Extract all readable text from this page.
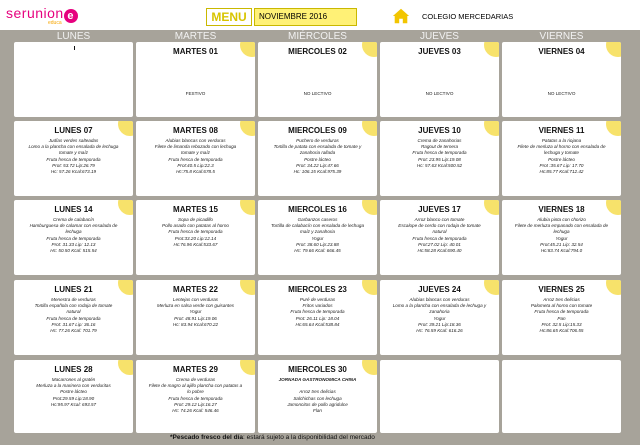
serunion e
educa	MENU	NOVIEMBRE 2016	COLEGIO MERCEDARIAS
LUNES	MARTES	MIÉRCOLES	JUEVES	VIERNES
MARTES 01
FESTIVO
MIERCOLES 02
NO LECTIVO
JUEVES 03
NO LECTIVO
VIERNES 04
NO LECTIVO
LUNES 07
Judías verdes salteadas
Lomo a la plancha con ensalada de lechuga
tomate y maíz
Fruta fresca de temporada
Prot: 53.72 Lip:26.79
Hc: 57.26 Kcal:673.19
MARTES 08
Alubias blancas con verduras
Filete de limanda rebozado con lechuga
tomate y maíz
Fruta fresca de temporada
Prot:40.5 Lip:22.3
Hc:75.8 Kcal:678.5
MIERCOLES 09
Puchero de verduras
Tortilla de patata con ensalada de tomate y
zanahoria rallada
Postre lácteo
Prot: 34.22 Lip:47.66
Hc: 106.15 Kcal:975.39
JUEVES 10
Crema de zanahorias
Ragout de ternera
Fruta fresca de temporada
Prot: 23.95 Lip:19.08
Hc: 57.63 Kcal:500.52
VIERNES 11
Patatas a la riojana
Filete de merluza al horno con ensalada de
lechuga y tomate
Postre lácteo
Prot :35.67 Lip: 17.70
Hc:85.77 Kcal:712.42
LUNES 14
Crema de calabacín
Hamburguesa de calamar con ensalada de
lechuga
Fruta fresca de temporada
Prot: 31.33 Lip: 12.13
Hc: 50.50 Kcal: 515.54
MARTES 15
Sopa de picadillo
Pollo asado con patatas al horno
Fruta fresca de temporada
Prot:33.20 Lip:12.14
Hc:76.96 Kcal:533.67
MIERCOLES 16
Garbanzos caseros
Tortilla de calabacín con ensalada de lechuga
maíz y zanahoria
Yogur
Prot: 38.60 Lip:23.88
Hc: 79.66 Kcal: 666.45
JUEVES 17
Arroz blanco con tomate
Escalope de cerdo con rodaja de tomate
natural
Fruta fresca de temporada
Prot:27.02 Lip: 40.01
Hc:58.28 Kcal:690.40
VIERNES 18
Alubia pinta con chorizo
Filete de merluza empanado con ensalada de
lechuga
Yogur
Prot:45.21 Lip: 32.54
Hc:83.74 Kcal:794.0
LUNES 21
Menestra de verduras
Tortilla española con rodaja de tomate
natural
Fruta fresca de temporada
Prot: 31.67 Lip: 36.16
Hc: 77.26 Kcal: 701.79
MARTES 22
Lentejas con verduras
Merluza en salsa verde con guisantes
Yogur
Prot: 48.91 Lip:19.06
Hc: 83.94 Kcal:670.22
MIERCOLES 23
Puré de verduras
Fritos variados
Fruta fresca de temporada
Prot: 26.11 Lip: 18.04
Hc:65.64 Kcal:538.84
JUEVES 24
Alubias blancas con verduras
Lomo a la plancha con ensalada de lechuga y
zanahoria
Yogur
Prot: 39.21 Lip:18.36
Hc: 76.59 Kcal: 616.26
VIERNES 25
Arroz tres delicias
Palometa al horno con tomate
Fruta fresca de temporada
Pan
Prot: 32.5 Lip:15.33
Hc:86.65 Kcal:706.55
LUNES 28
Macarrones al gratén
Merluza a la marinera con verduritas
Postre lácteo
Prot:29.59 Lip:18.90
Hc:95.97 Kcal: 693.57
MARTES 29
Crema de verduras
Filete de magro al ajillo plancha con patatas a
lo pobre
Fruta fresca de temporada
Prot: 29.12 Lip:16.27
Hc: 74.26 Kcal: 546.46
MIERCOLES 30
JORNADA GASTRONOMICA CHINA

Arroz tres delicias
Salchichas con lechuga
Jamoncitos de pollo agridulce
Flan
*Pescado fresco del día: estará sujeto a la disponibilidad del mercado
